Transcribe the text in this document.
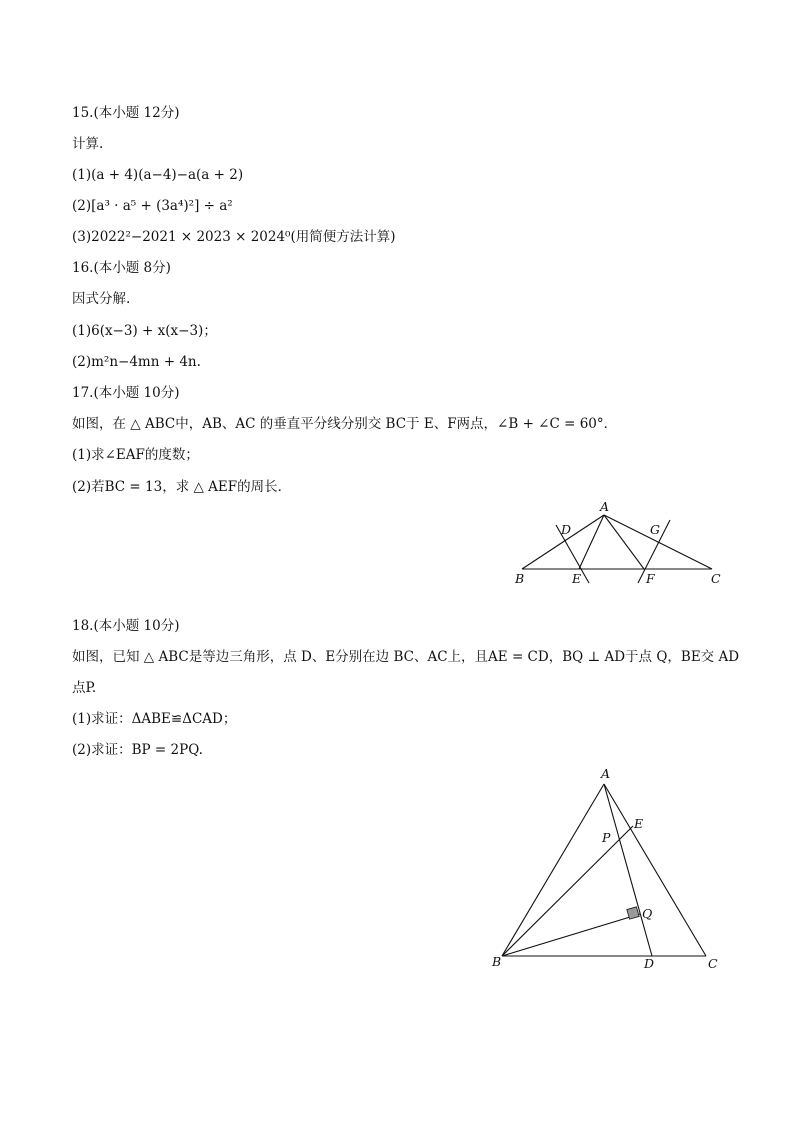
15.(本小题 12分)
计算.
(1)(a + 4)(a−4)−a(a + 2)
(2)[a³ · a⁵ + (3a⁴)²] ÷ a²
(3)2022²−2021 × 2023 × 2024⁰(用简便方法计算)
16.(本小题 8分)
因式分解.
(1)6(x−3) + x(x−3)；
(2)m²n−4mn + 4n.
17.(本小题 10分)
如图，在 △ ABC中，AB、AC 的垂直平分线分别交 BC于 E、F两点，∠B + ∠C = 60°．
(1)求∠EAF的度数；
(2)若BC = 13，求 △ AEF的周长．
A
D	G
B	E	F	C
18.(本小题 10分)
如图，已知 △ ABC是等边三角形，点 D、E分别在边 BC、AC上，且AE = CD，BQ ⊥ AD于点 Q，BE交 AD
点P.
(1)求证：ΔABE≌ΔCAD；
(2)求证：BP = 2PQ.
A
E
P
Q
B	D	C
